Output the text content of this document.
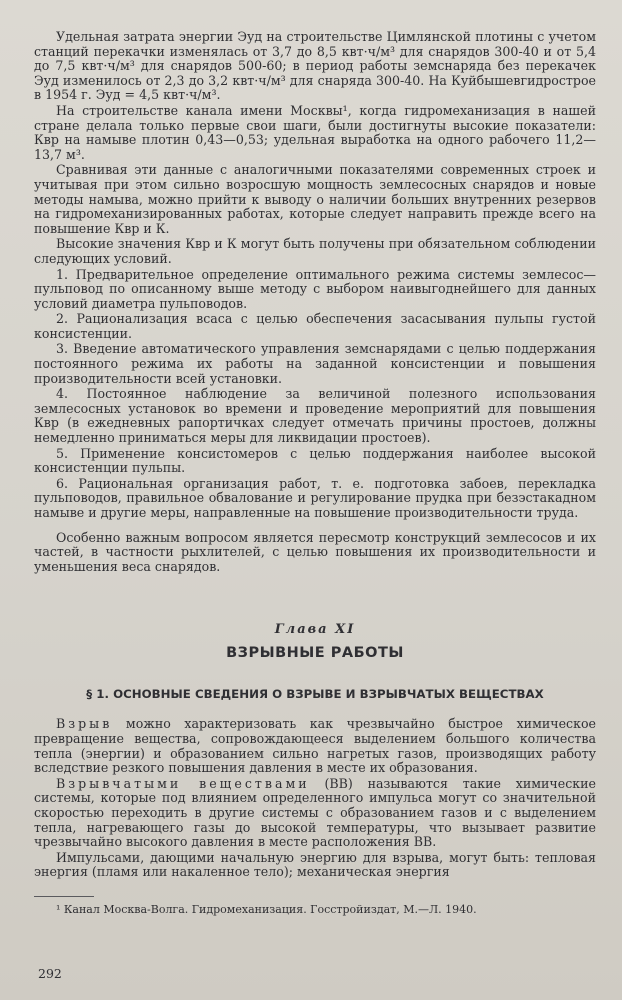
Удельная затрата энергии Эуд на строительстве Цимлянской плотины с учетом станций перекачки изменялась от 3,7 до 8,5 квт·ч/м³ для снарядов 300-40 и от 5,4 до 7,5 квт·ч/м³ для снарядов 500-60; в период работы земснаряда без перекачек Эуд изменилось от 2,3 до 3,2 квт·ч/м³ для снаряда 300-40. На Куйбышевгидрострое в 1954 г. Эуд = 4,5 квт·ч/м³.

На строительстве канала имени Москвы¹, когда гидромеханизация в нашей стране делала только первые свои шаги, были достигнуты высокие показатели: Квр на намыве плотин 0,43—0,53; удельная выработка на одного рабочего 11,2—13,7 м³.

Сравнивая эти данные с аналогичными показателями современных строек и учитывая при этом сильно возросшую мощность землесосных снарядов и новые методы намыва, можно прийти к выводу о наличии больших внутренних резервов на гидромеханизированных работах, которые следует направить прежде всего на повышение Квр и К.

Высокие значения Квр и К могут быть получены при обязательном соблюдении следующих условий.

1. Предварительное определение оптимального режима системы землесос—пульповод по описанному выше методу с выбором наивыгоднейшего для данных условий диаметра пульповодов.

2. Рационализация всаса с целью обеспечения засасывания пульпы густой консистенции.

3. Введение автоматического управления земснарядами с целью поддержания постоянного режима их работы на заданной консистенции и повышения производительности всей установки.

4. Постоянное наблюдение за величиной полезного использования землесосных установок во времени и проведение мероприятий для повышения Квр (в ежедневных рапортичках следует отмечать причины простоев, должны немедленно приниматься меры для ликвидации простоев).

5. Применение консистомеров с целью поддержания наиболее высокой консистенции пульпы.

6. Рациональная организация работ, т. е. подготовка забоев, перекладка пульповодов, правильное обвалование и регулирование прудка при безэстакадном намыве и другие меры, направленные на повышение производительности труда.

Особенно важным вопросом является пересмотр конструкций землесосов и их частей, в частности рыхлителей, с целью повышения их производительности и уменьшения веса снарядов.

Глава XI
ВЗРЫВНЫЕ РАБОТЫ
§ 1. ОСНОВНЫЕ СВЕДЕНИЯ О ВЗРЫВЕ И ВЗРЫВЧАТЫХ ВЕЩЕСТВАХ

Взрыв можно характеризовать как чрезвычайно быстрое химическое превращение вещества, сопровождающееся выделением большого количества тепла (энергии) и образованием сильно нагретых газов, производящих работу вследствие резкого повышения давления в месте их образования.

Взрывчатыми веществами (ВВ) называются такие химические системы, которые под влиянием определенного импульса могут со значительной скоростью переходить в другие системы с образованием газов и с выделением тепла, нагревающего газы до высокой температуры, что вызывает развитие чрезвычайно высокого давления в месте расположения ВВ.

Импульсами, дающими начальную энергию для взрыва, могут быть: тепловая энергия (пламя или накаленное тело); механическая энергия

¹ Канал Москва-Волга. Гидромеханизация. Госстройиздат, М.—Л. 1940.

292
